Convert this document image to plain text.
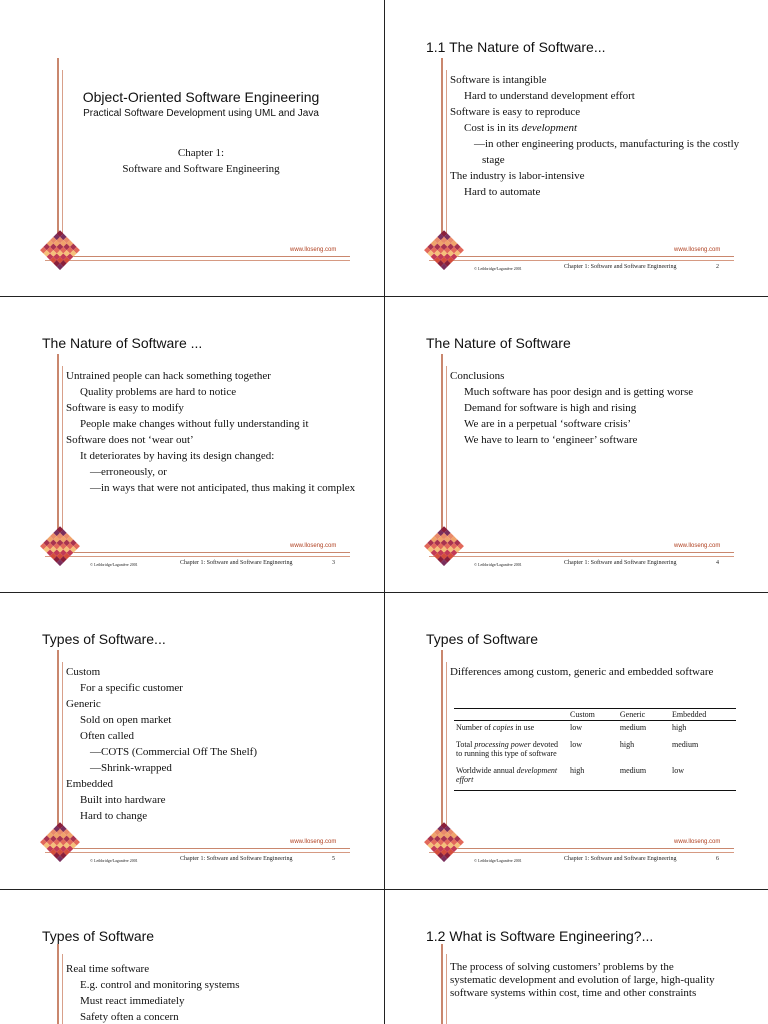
www.lloseng.com
Object-Oriented Software Engineering
Practical Software Development using UML and Java
Chapter 1:
Software and Software Engineering
www.lloseng.com
1.1 The Nature of Software...
Software is intangible
Hard to understand development effort
Software is easy to reproduce
Cost is in its development
—in other engineering products, manufacturing is the costly stage
The industry is labor-intensive
Hard to automate
© Lethbridge/Laganière 2001	Chapter 1: Software and Software Engineering	2
www.lloseng.com
The Nature of Software ...
Untrained people can hack something together
Quality problems are hard to notice
Software is easy to modify
People make changes without fully understanding it
Software does not ‘wear out’
It deteriorates by having its design changed:
—erroneously, or
—in ways that were not anticipated, thus making it complex
© Lethbridge/Laganière 2001	Chapter 1: Software and Software Engineering	3
www.lloseng.com
The Nature of Software
Conclusions
Much software has poor design and is getting worse
Demand for software is high and rising
We are in a perpetual ‘software crisis’
We have to learn to ‘engineer’ software
© Lethbridge/Laganière 2001	Chapter 1: Software and Software Engineering	4
www.lloseng.com
Types of Software...
Custom
For a specific customer
Generic
Sold on open market
Often called
—COTS (Commercial Off The Shelf)
—Shrink-wrapped
Embedded
Built into hardware
Hard to change
© Lethbridge/Laganière 2001	Chapter 1: Software and Software Engineering	5
www.lloseng.com
Types of Software
Differences among custom, generic and embedded software
	Custom	Generic	Embedded
Number of copies in use	low	medium	high
Total processing power devoted to running this type of software	low	high	medium
Worldwide annual development effort	high	medium	low
© Lethbridge/Laganière 2001	Chapter 1: Software and Software Engineering	6
Types of Software
Real time software
E.g. control and monitoring systems
Must react immediately
Safety often a concern
1.2 What is Software Engineering?...
The process of solving customers’ problems by the systematic development and evolution of large, high-quality software systems within cost, time and other constraints
